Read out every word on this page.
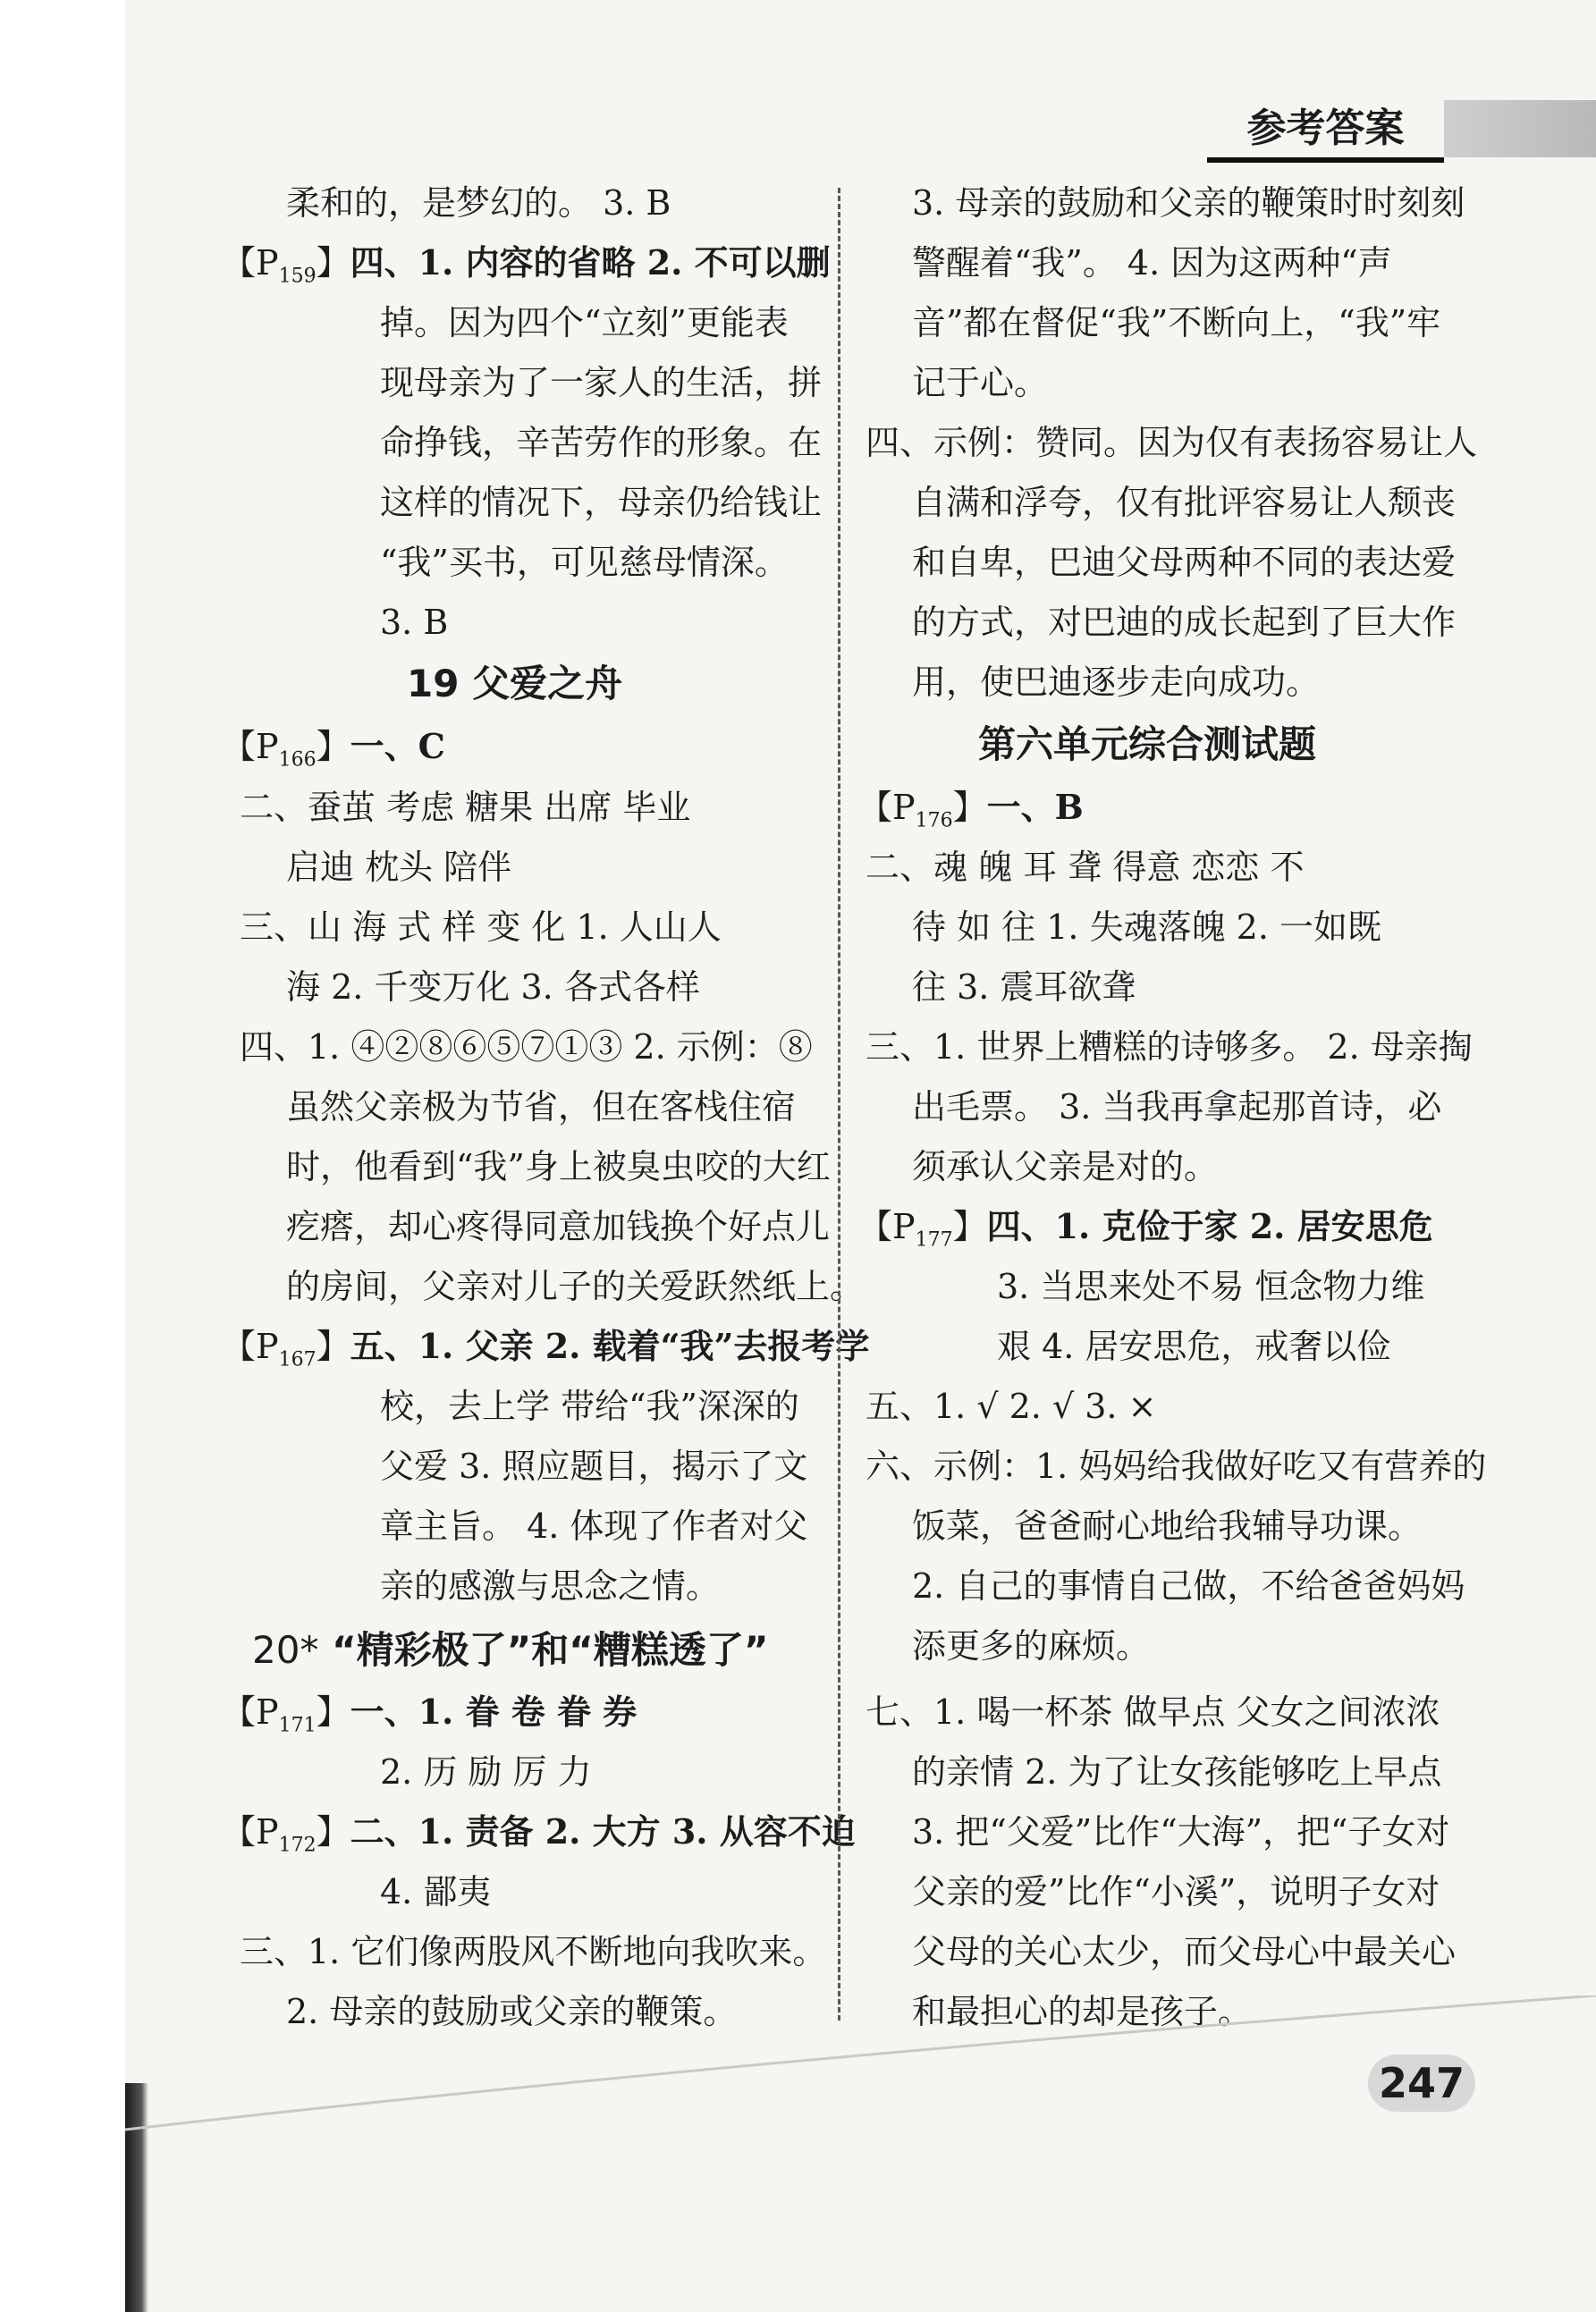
参考答案
柔和的，是梦幻的。 3. B
【$P_{159}$】四、1. 内容的省略 2. 不可以删
掉。因为四个“立刻”更能表
现母亲为了一家人的生活，拼
命挣钱，辛苦劳作的形象。在
这样的情况下，母亲仍给钱让
“我”买书，可见慈母情深。
3. B
19 父爱之舟
【$P_{166}$】一、C
二、蚕茧 考虑 糖果 出席 毕业
启迪 枕头 陪伴
三、山 海 式 样 变 化 1. 人山人
海 2. 千变万化 3. 各式各样
四、1. ④②⑧⑥⑤⑦①③ 2. 示例：⑧
虽然父亲极为节省，但在客栈住宿
时，他看到“我”身上被臭虫咬的大红
疙瘩，却心疼得同意加钱换个好点儿
的房间，父亲对儿子的关爱跃然纸上。
【$P_{167}$】五、1. 父亲 2. 载着“我”去报考学
校，去上学 带给“我”深深的
父爱 3. 照应题目，揭示了文
章主旨。 4. 体现了作者对父
亲的感激与思念之情。
20* “精彩极了”和“糟糕透了”
【$P_{171}$】一、1. 眷 卷 眷 券
2. 历 励 厉 力
【$P_{172}$】二、1. 责备 2. 大方 3. 从容不迫
4. 鄙夷
三、1. 它们像两股风不断地向我吹来。
2. 母亲的鼓励或父亲的鞭策。
3. 母亲的鼓励和父亲的鞭策时时刻刻
警醒着“我”。 4. 因为这两种“声
音”都在督促“我”不断向上，“我”牢
记于心。
四、示例：赞同。因为仅有表扬容易让人
自满和浮夸，仅有批评容易让人颓丧
和自卑，巴迪父母两种不同的表达爱
的方式，对巴迪的成长起到了巨大作
用，使巴迪逐步走向成功。
第六单元综合测试题
【$P_{176}$】一、B
二、魂 魄 耳 聋 得意 恋恋 不
待 如 往 1. 失魂落魄 2. 一如既
往 3. 震耳欲聋
三、1. 世界上糟糕的诗够多。 2. 母亲掏
出毛票。 3. 当我再拿起那首诗，必
须承认父亲是对的。
【$P_{177}$】四、1. 克俭于家 2. 居安思危
3. 当思来处不易 恒念物力维
艰 4. 居安思危，戒奢以俭
五、1. √ 2. √ 3. ×
六、示例：1. 妈妈给我做好吃又有营养的
饭菜，爸爸耐心地给我辅导功课。
2. 自己的事情自己做，不给爸爸妈妈
添更多的麻烦。
七、1. 喝一杯茶 做早点 父女之间浓浓
的亲情 2. 为了让女孩能够吃上早点
3. 把“父爱”比作“大海”，把“子女对
父亲的爱”比作“小溪”，说明子女对
父母的关心太少，而父母心中最关心
和最担心的却是孩子。
247
